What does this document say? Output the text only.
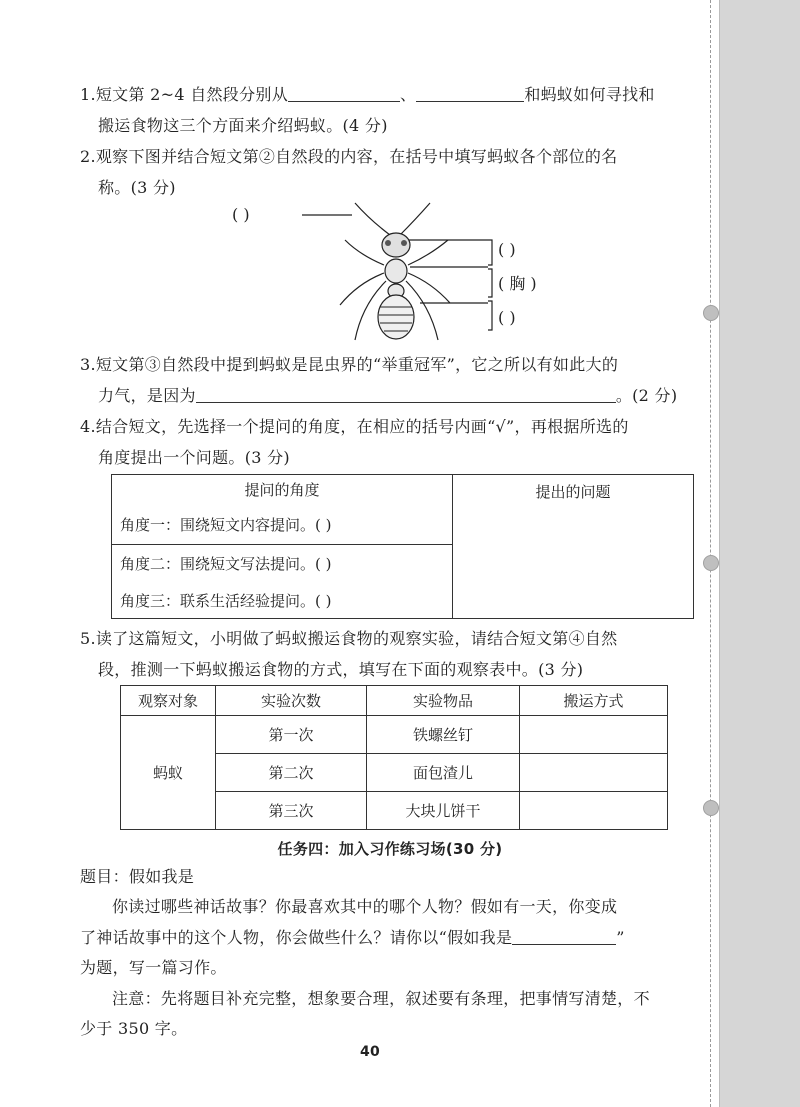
1.短文第 2~4 自然段分别从	、	和蚂蚁如何寻找和
搬运食物这三个方面来介绍蚂蚁。(4 分)
2.观察下图并结合短文第②自然段的内容，在括号中填写蚂蚁各个部位的名
称。(3 分)
( )
( )
( 胸 )
( )
3.短文第③自然段中提到蚂蚁是昆虫界的“举重冠军”，它之所以有如此大的
力气，是因为	。(2 分)
4.结合短文，先选择一个提问的角度，在相应的括号内画“√”，再根据所选的
角度提出一个问题。(3 分)
提问的角度	提出的问题
角度一：围绕短文内容提问。( )
角度二：围绕短文写法提问。( )
角度三：联系生活经验提问。( )
5.读了这篇短文，小明做了蚂蚁搬运食物的观察实验，请结合短文第④自然
段，推测一下蚂蚁搬运食物的方式，填写在下面的观察表中。(3 分)
观察对象	实验次数	实验物品	搬运方式
蚂蚁	第一次	铁螺丝钉	
	第二次	面包渣儿	
	第三次	大块儿饼干	
任务四：加入习作练习场(30 分)
题目：假如我是
你读过哪些神话故事？你最喜欢其中的哪个人物？假如有一天，你变成
了神话故事中的这个人物，你会做些什么？请你以“假如我是	”
为题，写一篇习作。
注意：先将题目补充完整，想象要合理，叙述要有条理，把事情写清楚，不
少于 350 字。
40
